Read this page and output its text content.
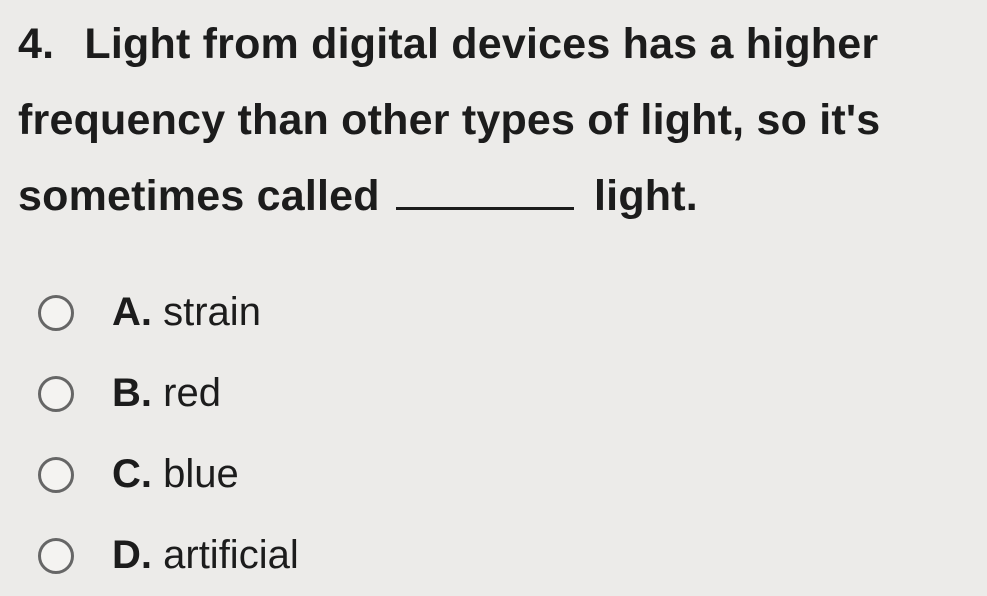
4. Light from digital devices has a higher
frequency than other types of light, so it's
sometimes called	light.
A. strain
B. red
C. blue
D. artificial
